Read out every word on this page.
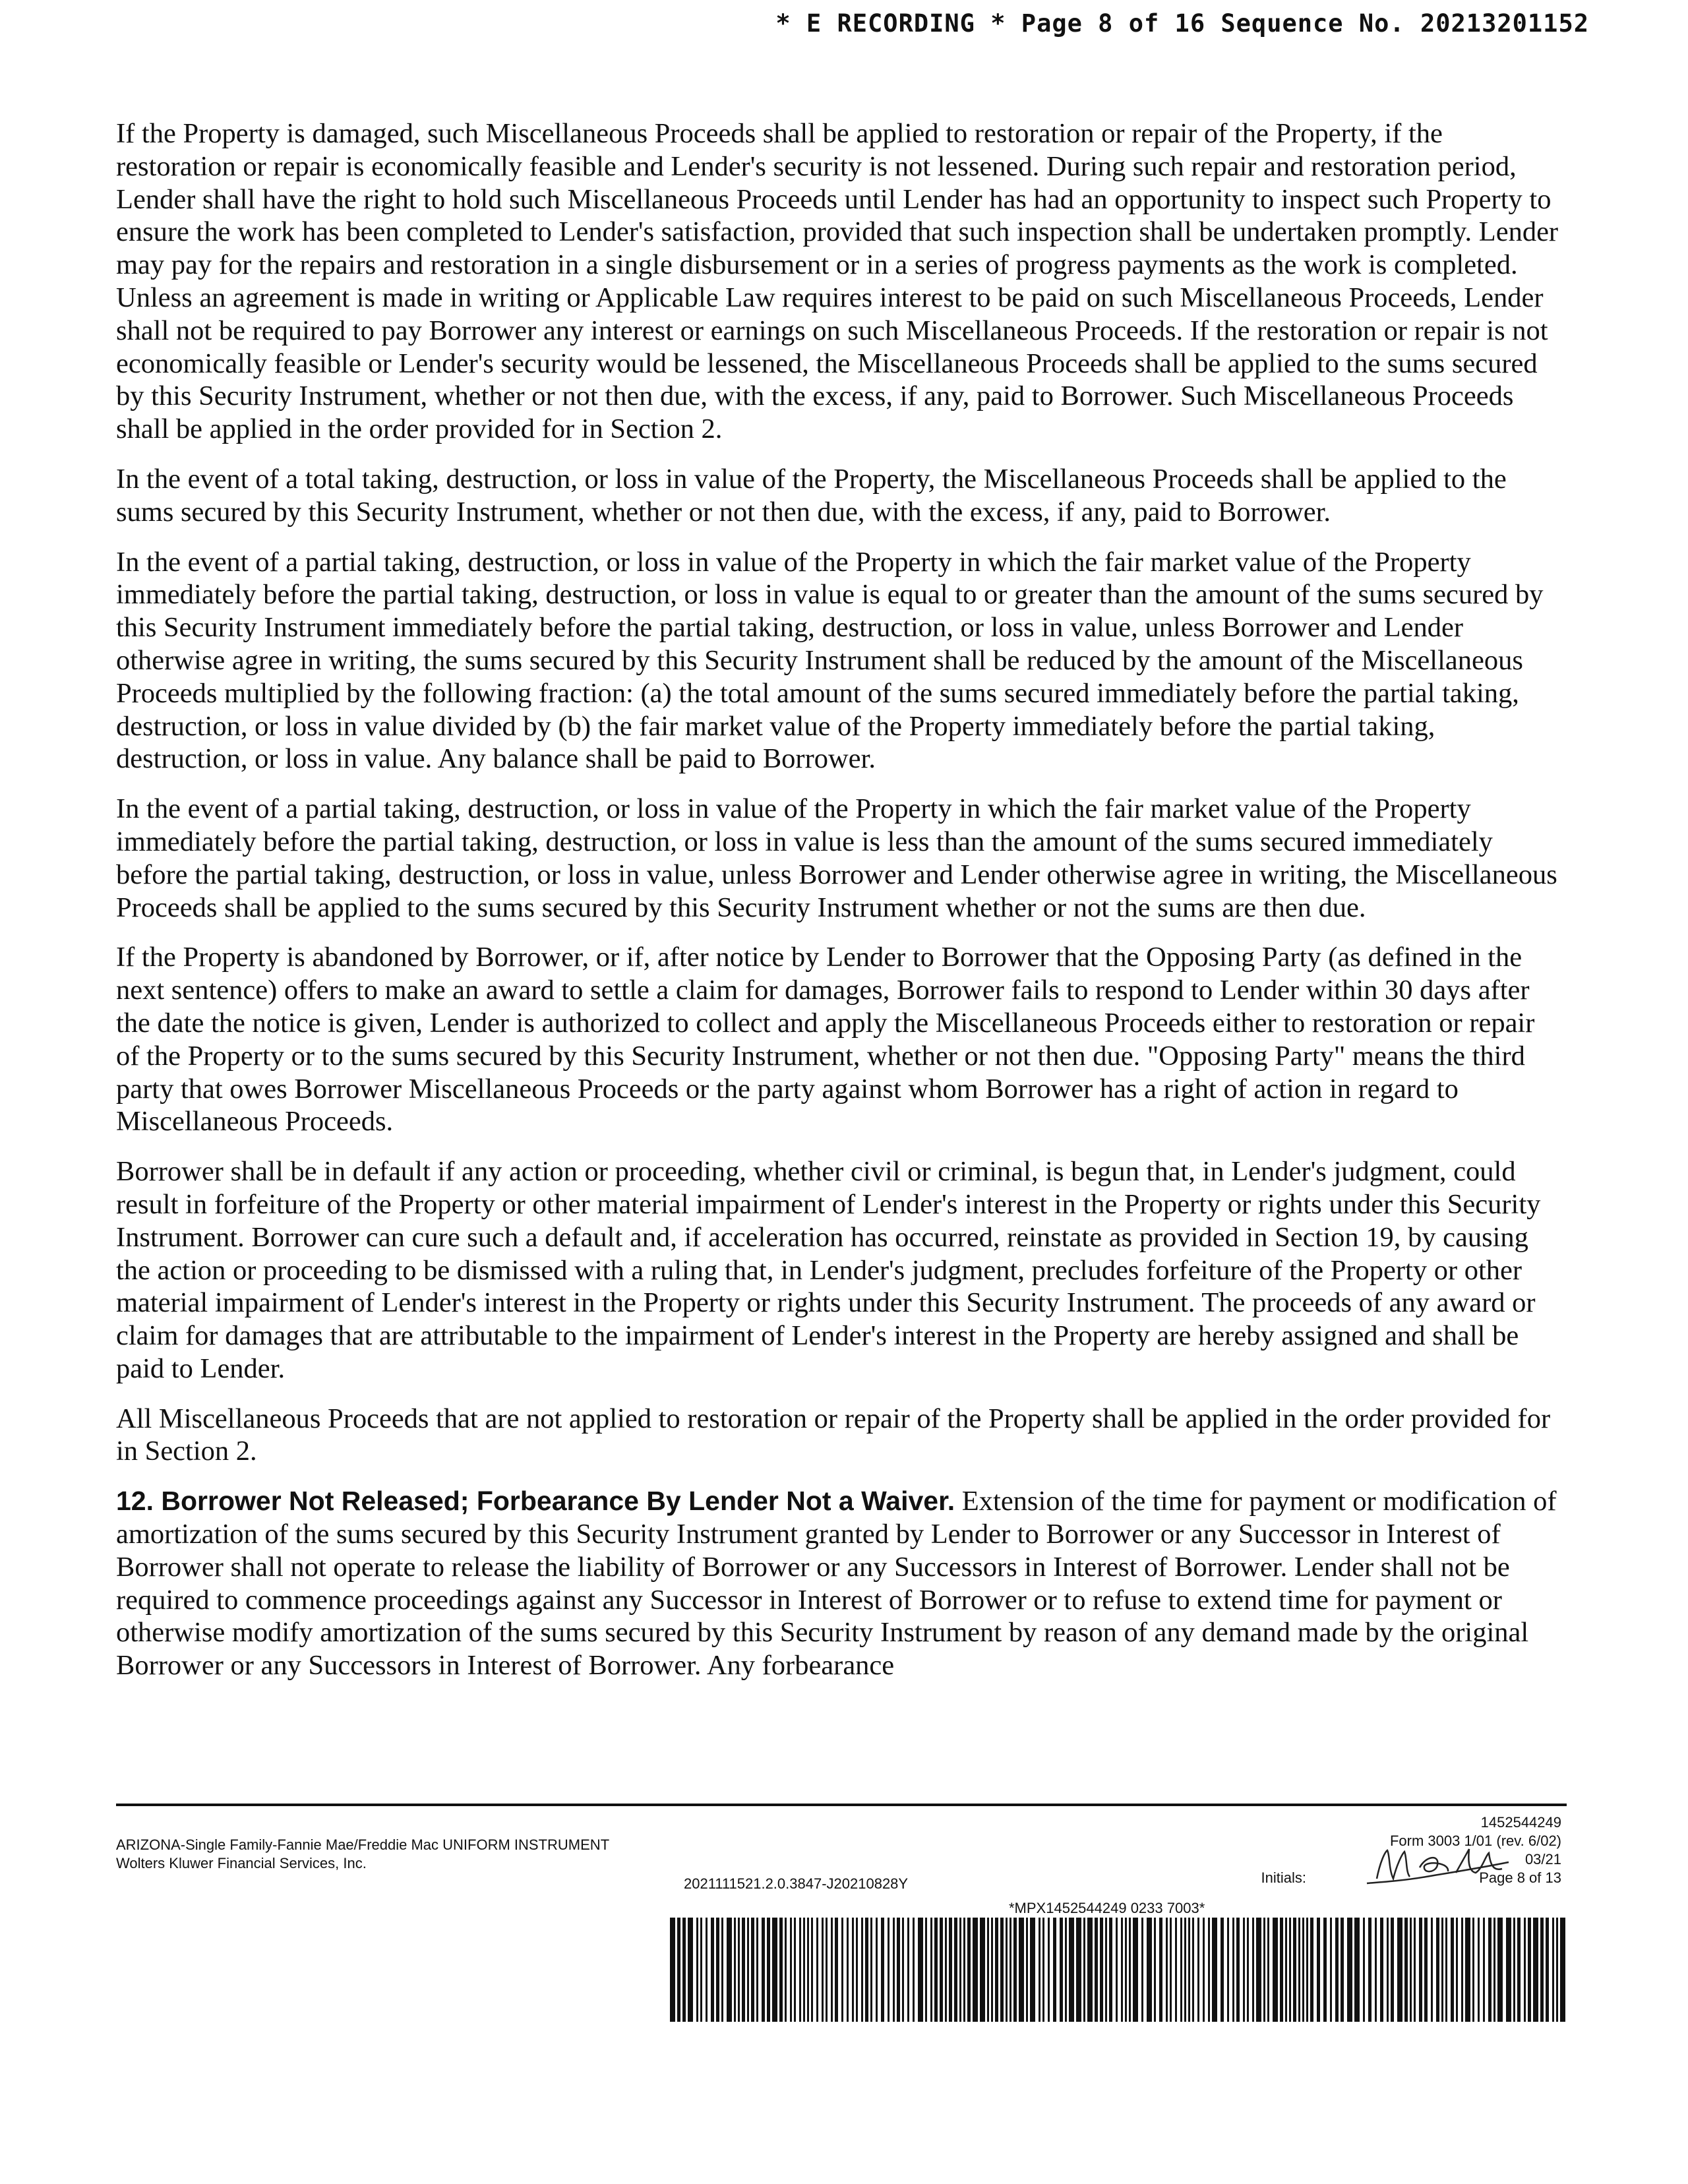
* E RECORDING * Page 8 of 16 Sequence No. 20213201152

If the Property is damaged, such Miscellaneous Proceeds shall be applied to restoration or repair of the Property, if the restoration or repair is economically feasible and Lender's security is not lessened. During such repair and restoration period, Lender shall have the right to hold such Miscellaneous Proceeds until Lender has had an opportunity to inspect such Property to ensure the work has been completed to Lender's satisfaction, provided that such inspection shall be undertaken promptly. Lender may pay for the repairs and restoration in a single disbursement or in a series of progress payments as the work is completed. Unless an agreement is made in writing or Applicable Law requires interest to be paid on such Miscellaneous Proceeds, Lender shall not be required to pay Borrower any interest or earnings on such Miscellaneous Proceeds. If the restoration or repair is not economically feasible or Lender's security would be lessened, the Miscellaneous Proceeds shall be applied to the sums secured by this Security Instrument, whether or not then due, with the excess, if any, paid to Borrower. Such Miscellaneous Proceeds shall be applied in the order provided for in Section 2.

In the event of a total taking, destruction, or loss in value of the Property, the Miscellaneous Proceeds shall be applied to the sums secured by this Security Instrument, whether or not then due, with the excess, if any, paid to Borrower.

In the event of a partial taking, destruction, or loss in value of the Property in which the fair market value of the Property immediately before the partial taking, destruction, or loss in value is equal to or greater than the amount of the sums secured by this Security Instrument immediately before the partial taking, destruction, or loss in value, unless Borrower and Lender otherwise agree in writing, the sums secured by this Security Instrument shall be reduced by the amount of the Miscellaneous Proceeds multiplied by the following fraction: (a) the total amount of the sums secured immediately before the partial taking, destruction, or loss in value divided by (b) the fair market value of the Property immediately before the partial taking, destruction, or loss in value. Any balance shall be paid to Borrower.

In the event of a partial taking, destruction, or loss in value of the Property in which the fair market value of the Property immediately before the partial taking, destruction, or loss in value is less than the amount of the sums secured immediately before the partial taking, destruction, or loss in value, unless Borrower and Lender otherwise agree in writing, the Miscellaneous Proceeds shall be applied to the sums secured by this Security Instrument whether or not the sums are then due.

If the Property is abandoned by Borrower, or if, after notice by Lender to Borrower that the Opposing Party (as defined in the next sentence) offers to make an award to settle a claim for damages, Borrower fails to respond to Lender within 30 days after the date the notice is given, Lender is authorized to collect and apply the Miscellaneous Proceeds either to restoration or repair of the Property or to the sums secured by this Security Instrument, whether or not then due. "Opposing Party" means the third party that owes Borrower Miscellaneous Proceeds or the party against whom Borrower has a right of action in regard to Miscellaneous Proceeds.

Borrower shall be in default if any action or proceeding, whether civil or criminal, is begun that, in Lender's judgment, could result in forfeiture of the Property or other material impairment of Lender's interest in the Property or rights under this Security Instrument. Borrower can cure such a default and, if acceleration has occurred, reinstate as provided in Section 19, by causing the action or proceeding to be dismissed with a ruling that, in Lender's judgment, precludes forfeiture of the Property or other material impairment of Lender's interest in the Property or rights under this Security Instrument. The proceeds of any award or claim for damages that are attributable to the impairment of Lender's interest in the Property are hereby assigned and shall be paid to Lender.

All Miscellaneous Proceeds that are not applied to restoration or repair of the Property shall be applied in the order provided for in Section 2.

12. Borrower Not Released; Forbearance By Lender Not a Waiver. Extension of the time for payment or modification of amortization of the sums secured by this Security Instrument granted by Lender to Borrower or any Successor in Interest of Borrower shall not operate to release the liability of Borrower or any Successors in Interest of Borrower. Lender shall not be required to commence proceedings against any Successor in Interest of Borrower or to refuse to extend time for payment or otherwise modify amortization of the sums secured by this Security Instrument by reason of any demand made by the original Borrower or any Successors in Interest of Borrower. Any forbearance

ARIZONA-Single Family-Fannie Mae/Freddie Mac UNIFORM INSTRUMENT
Wolters Kluwer Financial Services, Inc.
2021111521.2.0.3847-J20210828Y
1452544249
Form 3003 1/01 (rev. 6/02)
03/21
Initials:	Page 8 of 13
*MPX1452544249 0233 7003*
